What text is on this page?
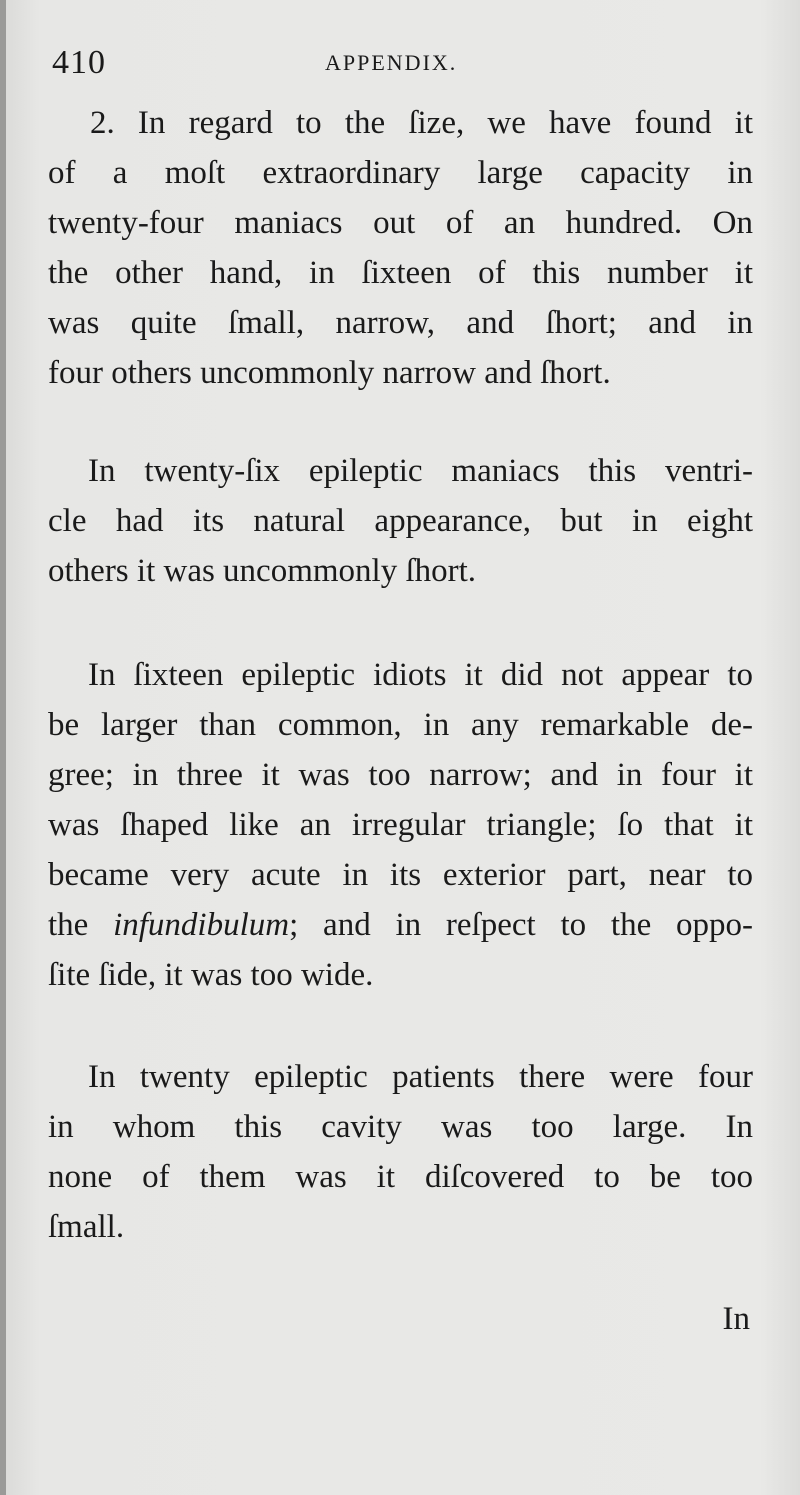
410	APPENDIX.

2. In regard to the ſize, we have found it
of a moſt extraordinary large capacity in
twenty-four maniacs out of an hundred. On
the other hand, in ſixteen of this number it
was quite ſmall, narrow, and ſhort; and in
four others uncommonly narrow and ſhort.

In twenty-ſix epileptic maniacs this ventri-
cle had its natural appearance, but in eight
others it was uncommonly ſhort.

In ſixteen epileptic idiots it did not appear to
be larger than common, in any remarkable de-
gree; in three it was too narrow; and in four it
was ſhaped like an irregular triangle; ſo that it
became very acute in its exterior part, near to
the infundibulum; and in reſpect to the oppo-
ſite ſide, it was too wide.

In twenty epileptic patients there were four
in whom this cavity was too large. In
none of them was it diſcovered to be too
ſmall.

In
